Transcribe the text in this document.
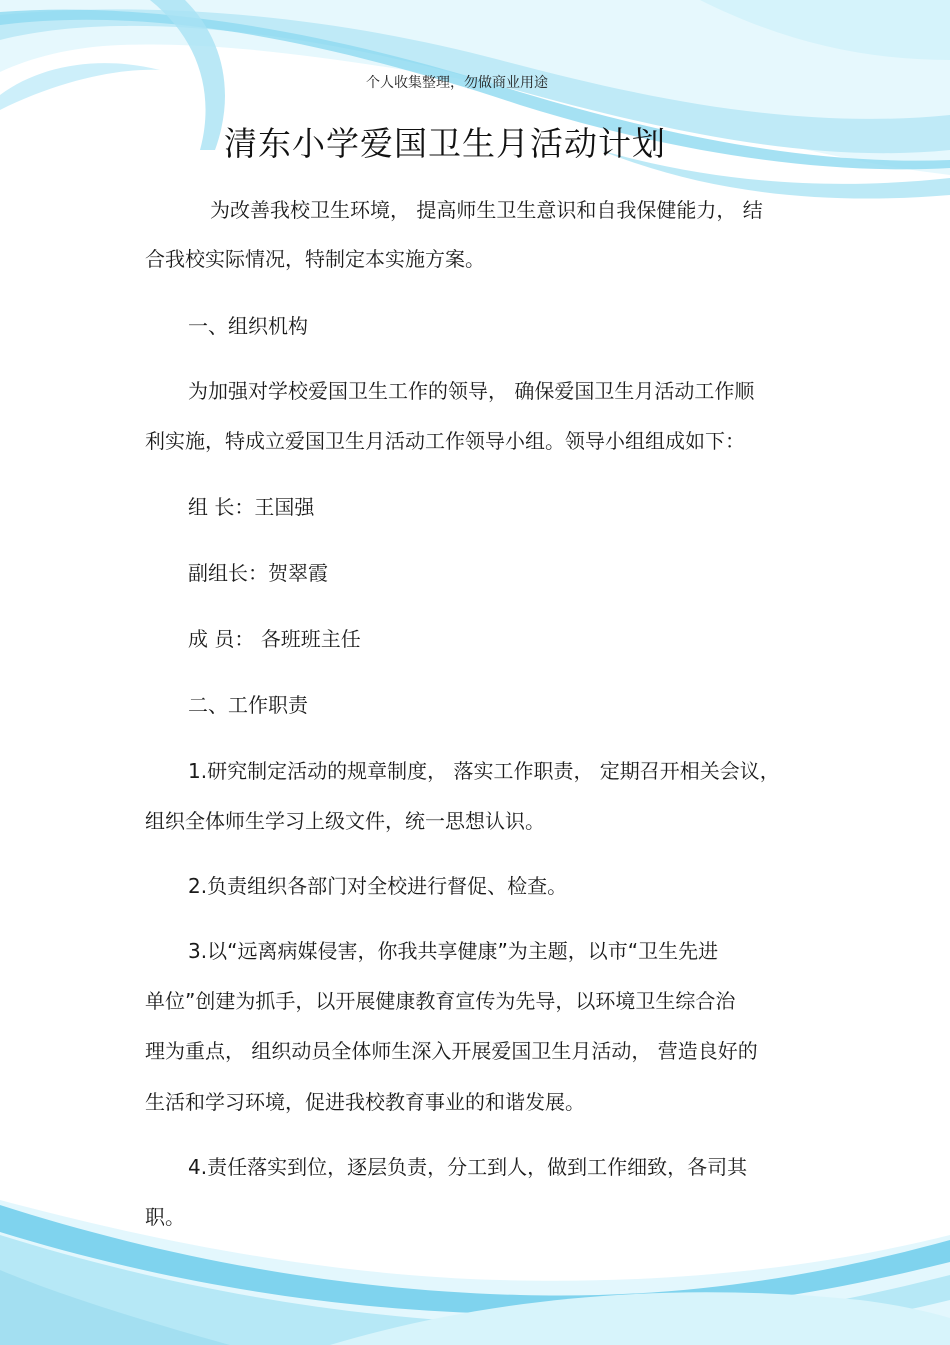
个人收集整理，勿做商业用途
清东小学爱国卫生月活动计划
为改善我校卫生环境， 提高师生卫生意识和自我保健能力， 结
合我校实际情况，特制定本实施方案。
一、组织机构
为加强对学校爱国卫生工作的领导， 确保爱国卫生月活动工作顺
利实施，特成立爱国卫生月活动工作领导小组。领导小组组成如下：
组 长：王国强
副组长：贺翠霞
成 员： 各班班主任
二、工作职责
1.研究制定活动的规章制度， 落实工作职责， 定期召开相关会议，
组织全体师生学习上级文件，统一思想认识。
2.负责组织各部门对全校进行督促、检查。
3.以“远离病媒侵害，你我共享健康”为主题，以市“卫生先进
单位”创建为抓手，以开展健康教育宣传为先导，以环境卫生综合治
理为重点， 组织动员全体师生深入开展爱国卫生月活动， 营造良好的
生活和学习环境，促进我校教育事业的和谐发展。
4.责任落实到位，逐层负责，分工到人，做到工作细致，各司其
职。
